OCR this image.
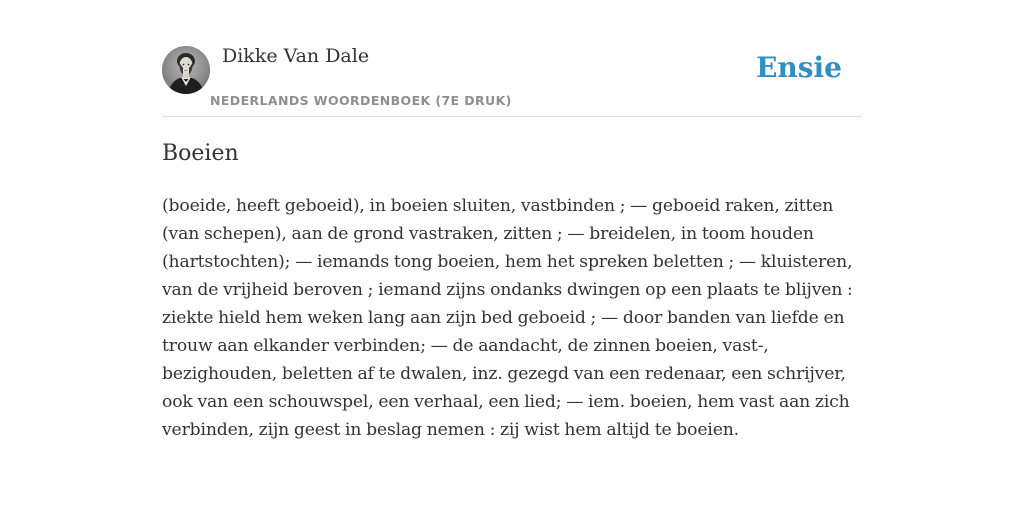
Dikke Van Dale
NEDERLANDS WOORDENBOEK (7E DRUK)
Ensie
Boeien
(boeide, heeft geboeid), in boeien sluiten, vastbinden ; — geboeid raken, zitten
(van schepen), aan de grond vastraken, zitten ; — breidelen, in toom houden
(hartstochten); — iemands tong boeien, hem het spreken beletten ; — kluisteren,
van de vrijheid beroven ; iemand zijns ondanks dwingen op een plaats te blijven :
ziekte hield hem weken lang aan zijn bed geboeid ; — door banden van liefde en
trouw aan elkander verbinden; — de aandacht, de zinnen boeien, vast-,
bezighouden, beletten af te dwalen, inz. gezegd van een redenaar, een schrijver,
ook van een schouwspel, een verhaal, een lied; — iem. boeien, hem vast aan zich
verbinden, zijn geest in beslag nemen : zij wist hem altijd te boeien.
